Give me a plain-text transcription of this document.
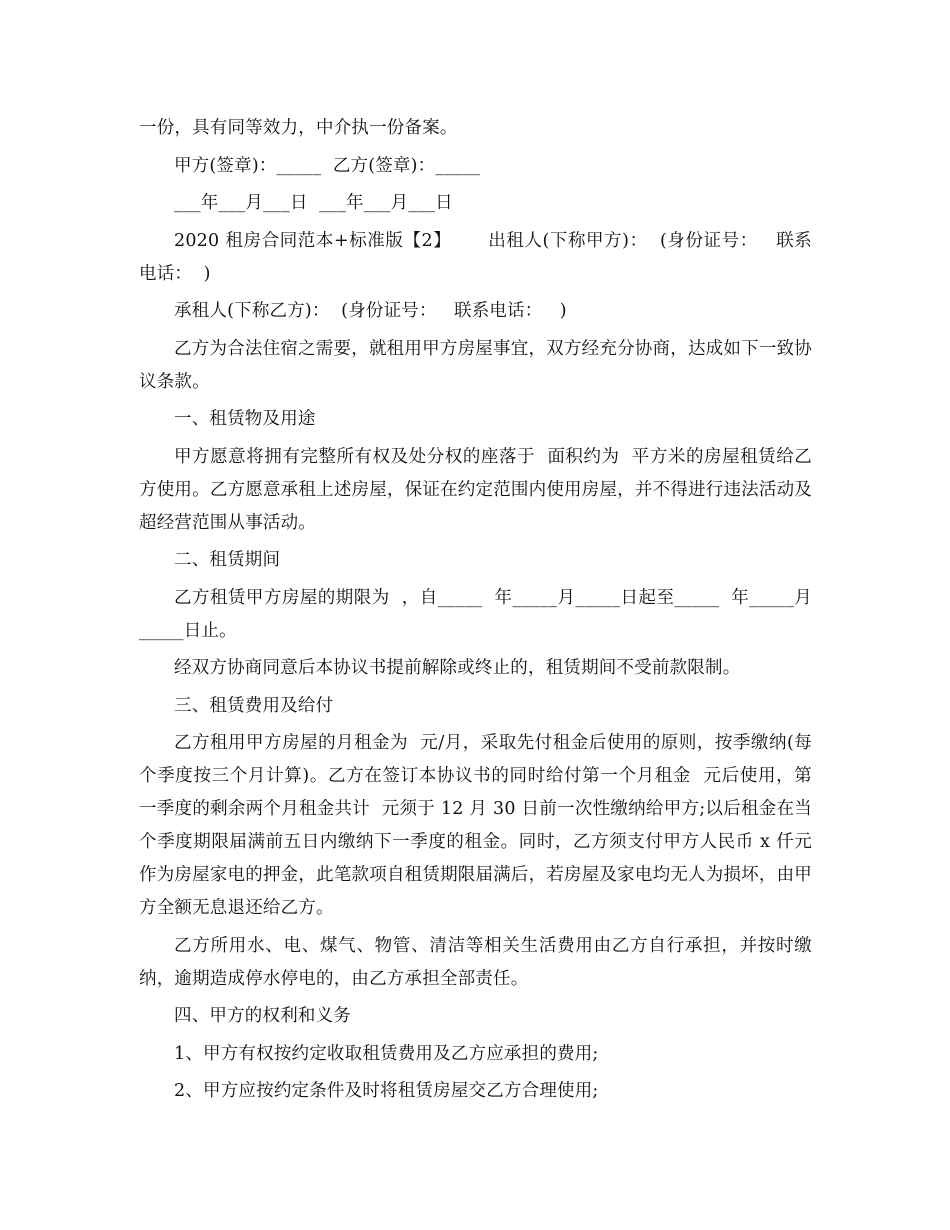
一份，具有同等效力，中介执一份备案。

甲方(签章)：_____  乙方(签章)：_____

___年___月___日  ___年___月___日

2020 租房合同范本+标准版【2】      出租人(下称甲方)：  (身份证号：   联系电话：  )

承租人(下称乙方)：  (身份证号：   联系电话：   )

乙方为合法住宿之需要，就租用甲方房屋事宜，双方经充分协商，达成如下一致协议条款。

一、租赁物及用途

甲方愿意将拥有完整所有权及处分权的座落于  面积约为  平方米的房屋租赁给乙方使用。乙方愿意承租上述房屋，保证在约定范围内使用房屋，并不得进行违法活动及超经营范围从事活动。

二、租赁期间

乙方租赁甲方房屋的期限为  ，自_____  年_____月_____日起至_____  年_____月_____日止。

经双方协商同意后本协议书提前解除或终止的，租赁期间不受前款限制。

三、租赁费用及给付

乙方租用甲方房屋的月租金为  元/月，采取先付租金后使用的原则，按季缴纳(每个季度按三个月计算)。乙方在签订本协议书的同时给付第一个月租金  元后使用，第一季度的剩余两个月租金共计  元须于 12 月 30 日前一次性缴纳给甲方;以后租金在当个季度期限届满前五日内缴纳下一季度的租金。同时，乙方须支付甲方人民币 x 仟元作为房屋家电的押金，此笔款项自租赁期限届满后，若房屋及家电均无人为损坏，由甲方全额无息退还给乙方。

乙方所用水、电、煤气、物管、清洁等相关生活费用由乙方自行承担，并按时缴纳，逾期造成停水停电的，由乙方承担全部责任。

四、甲方的权利和义务

1、甲方有权按约定收取租赁费用及乙方应承担的费用;

2、甲方应按约定条件及时将租赁房屋交乙方合理使用;
